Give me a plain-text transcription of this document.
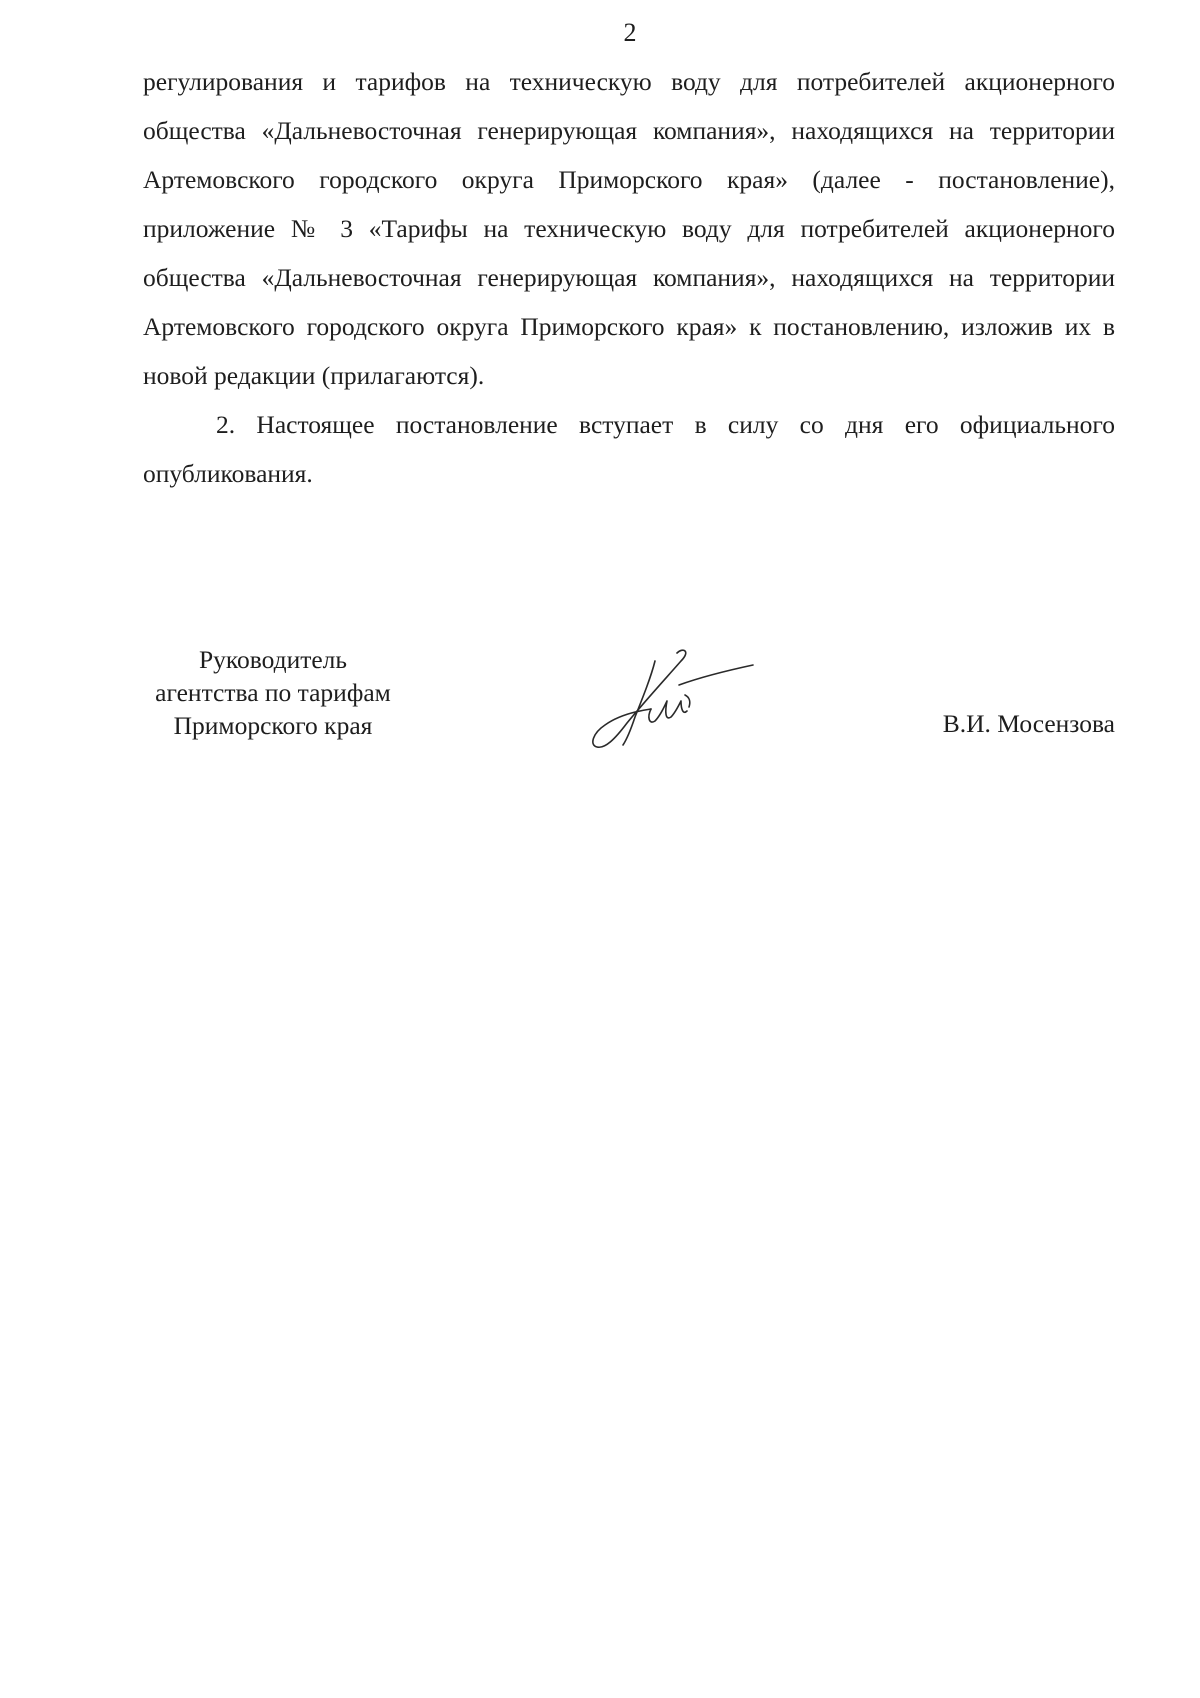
2

регулирования и тарифов на техническую воду для потребителей акционерного общества «Дальневосточная генерирующая компания», находящихся на территории Артемовского городского округа Приморского края» (далее - постановление), приложение № 3 «Тарифы на техническую воду для потребителей акционерного общества «Дальневосточная генерирующая компания», находящихся на территории Артемовского городского округа Приморского края» к постановлению, изложив их в новой редакции (прилагаются).

2. Настоящее постановление вступает в силу со дня его официального опубликования.

Руководитель
агентства по тарифам
Приморского края	В.И. Мосензова
